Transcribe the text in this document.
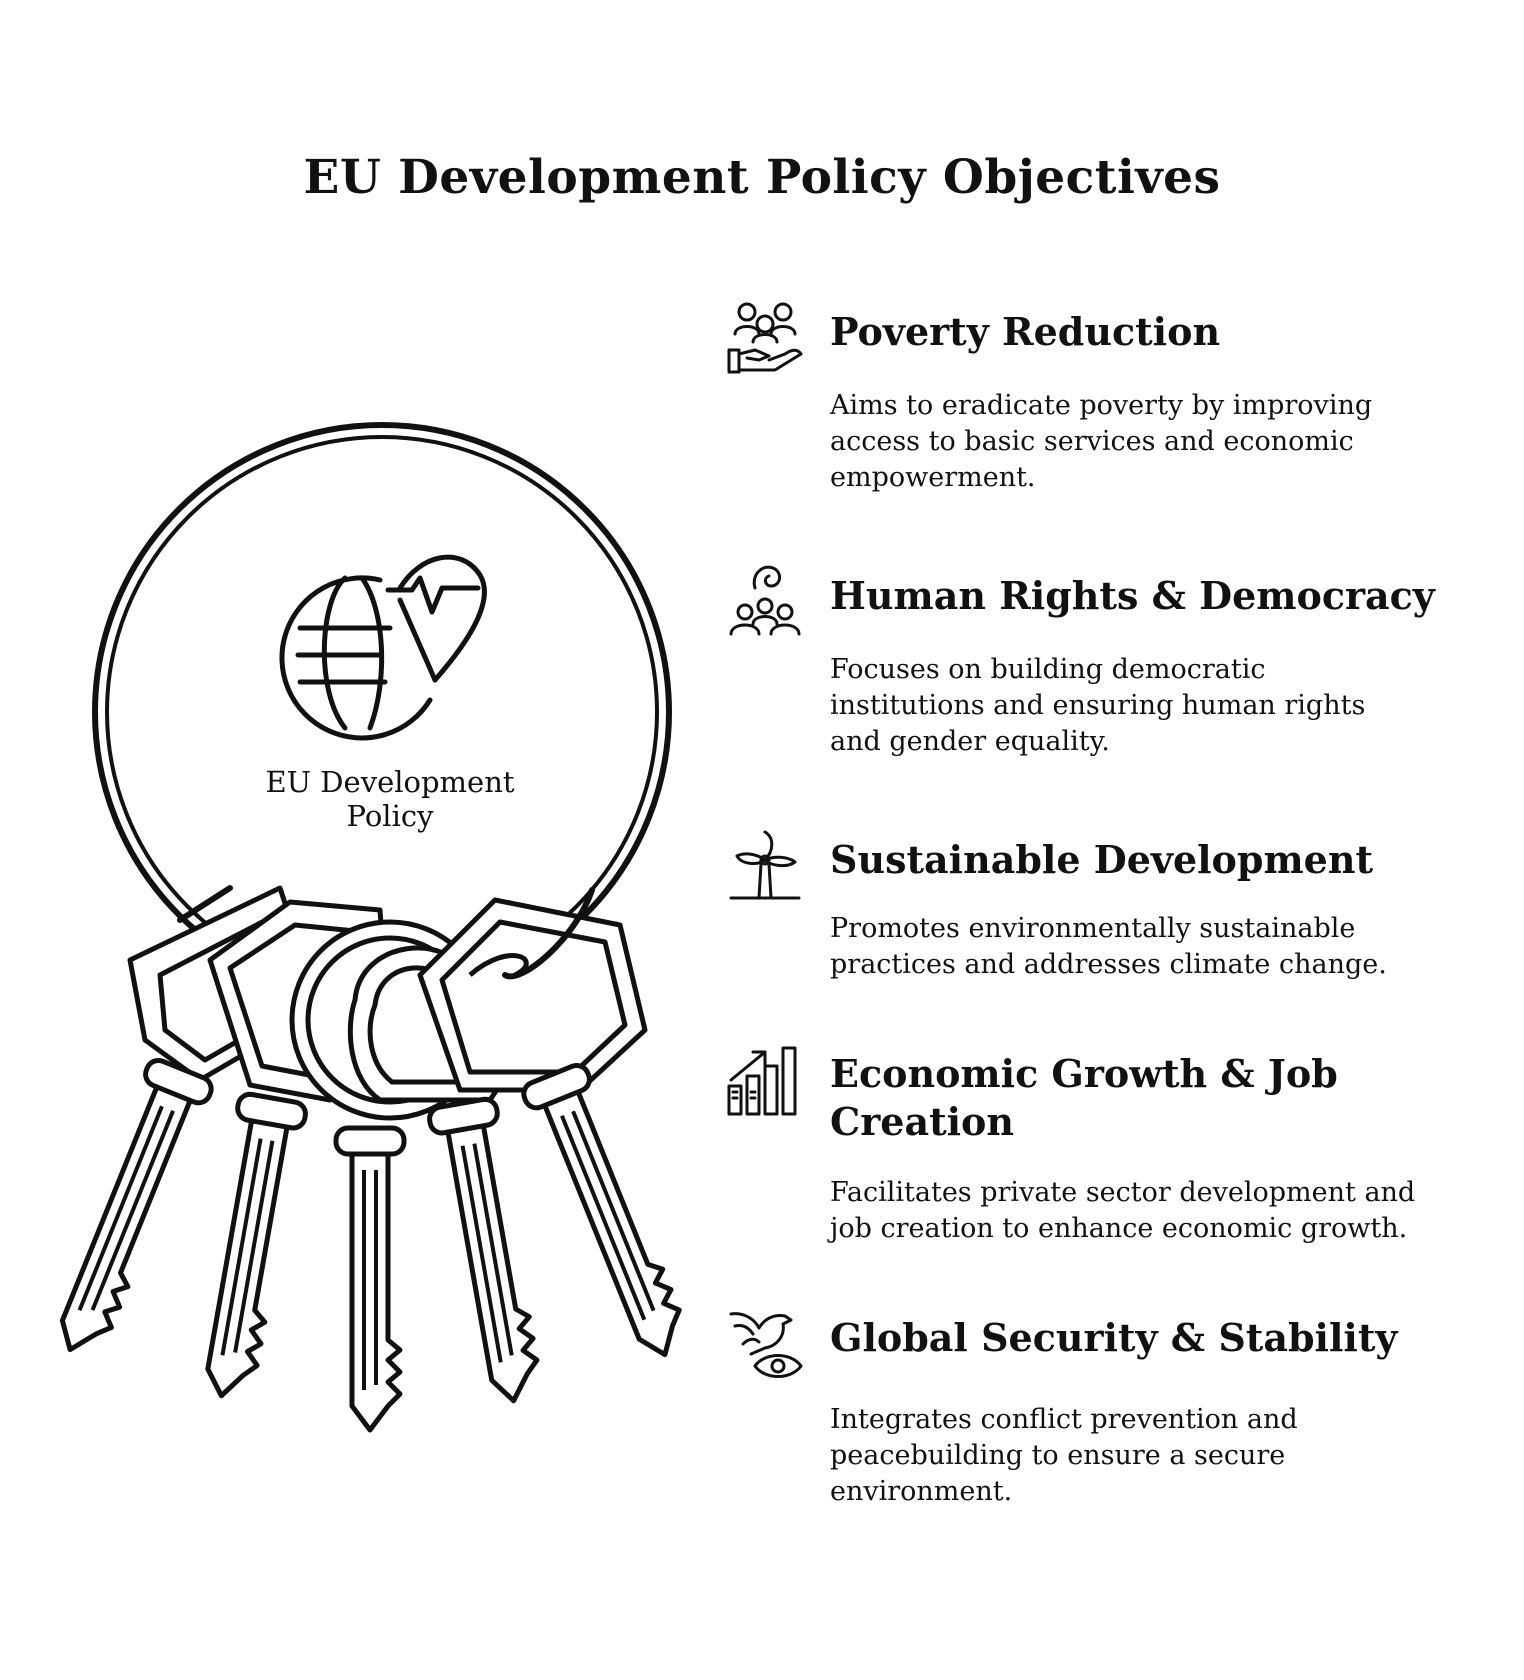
EU Development Policy Objectives
EU Development Policy
Poverty Reduction
Aims to eradicate poverty by improving access to basic services and economic empowerment.
Human Rights & Democracy
Focuses on building democratic institutions and ensuring human rights and gender equality.
Sustainable Development
Promotes environmentally sustainable practices and addresses climate change.
Economic Growth & Job Creation
Facilitates private sector development and job creation to enhance economic growth.
Global Security & Stability
Integrates conflict prevention and peacebuilding to ensure a secure environment.
